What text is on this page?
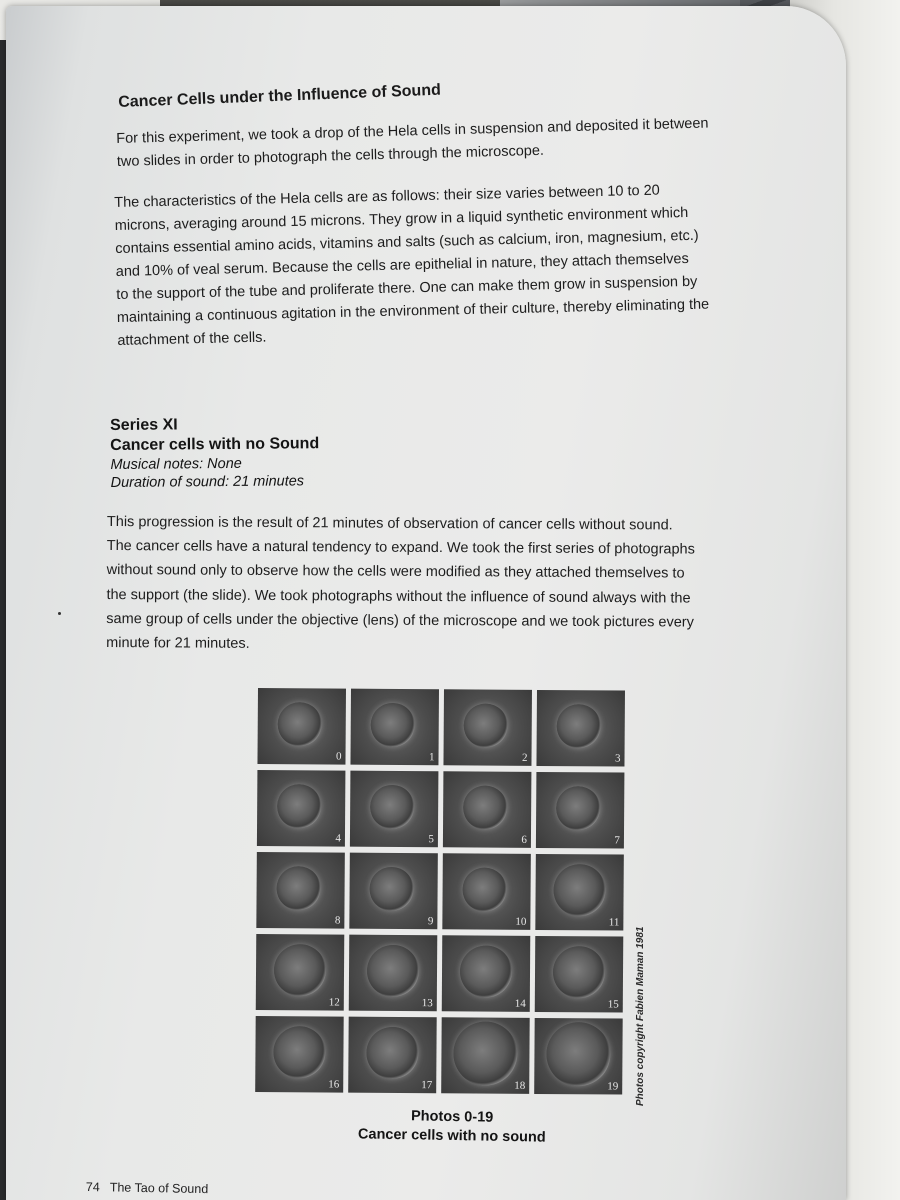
Cancer Cells under the Influence of Sound
For this experiment, we took a drop of the Hela cells in suspension and deposited it between
two slides in order to photograph the cells through the microscope.
The characteristics of the Hela cells are as follows: their size varies between 10 to 20
microns, averaging around 15 microns. They grow in a liquid synthetic environment which
contains essential amino acids, vitamins and salts (such as calcium, iron, magnesium, etc.)
and 10% of veal serum. Because the cells are epithelial in nature, they attach themselves
to the support of the tube and proliferate there. One can make them grow in suspension by
maintaining a continuous agitation in the environment of their culture, thereby eliminating the
attachment of the cells.
Series XI
Cancer cells with no Sound
Musical notes: None
Duration of sound: 21 minutes
This progression is the result of 21 minutes of observation of cancer cells without sound.
The cancer cells have a natural tendency to expand. We took the first series of photographs
without sound only to observe how the cells were modified as they attached themselves to
the support (the slide). We took photographs without the influence of sound always with the
same group of cells under the objective (lens) of the microscope and we took pictures every
minute for 21 minutes.
0	1	2	3
4	5	6	7
8	9	10	11
12	13	14	15
16	17	18	19 Photos copyright Fabien Maman 1981
Photos 0-19
Cancer cells with no sound
74 The Tao of Sound
